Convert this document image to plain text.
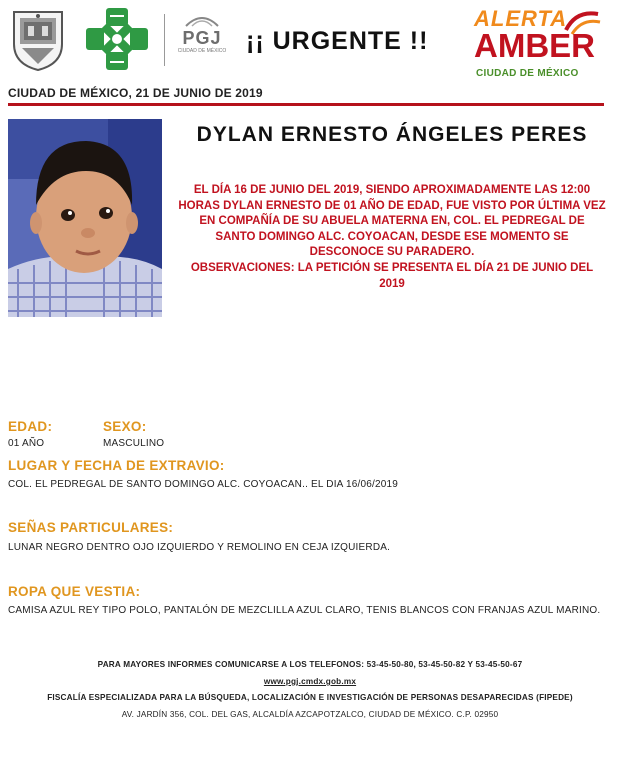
PGJ
CIUDAD DE MÉXICO ¡¡ URGENTE !!
ALERTA
AMBER
CIUDAD DE MÉXICO
CIUDAD DE MÉXICO, 21 DE JUNIO DE 2019
DYLAN ERNESTO ÁNGELES PERES

EL DÍA 16 DE JUNIO DEL 2019, SIENDO APROXIMADAMENTE LAS 12:00 HORAS DYLAN ERNESTO DE 01 AÑO DE EDAD, FUE VISTO POR ÚLTIMA VEZ EN COMPAÑÍA DE SU ABUELA MATERNA EN, COL. EL PEDREGAL DE SANTO DOMINGO ALC. COYOACAN, DESDE ESE MOMENTO SE DESCONOCE SU PARADERO.

OBSERVACIONES: LA PETICIÓN SE PRESENTA EL DÍA 21 DE JUNIO DEL 2019

EDAD:
01 AÑO
SEXO:
MASCULINO
LUGAR Y FECHA DE EXTRAVIO:
COL. EL PEDREGAL DE SANTO DOMINGO ALC. COYOACAN.. EL DIA 16/06/2019
SEÑAS PARTICULARES:
LUNAR NEGRO DENTRO OJO IZQUIERDO Y REMOLINO EN CEJA IZQUIERDA.
ROPA QUE VESTIA:
CAMISA AZUL REY TIPO POLO, PANTALÓN DE MEZCLILLA AZUL CLARO, TENIS BLANCOS CON FRANJAS AZUL MARINO.
PARA MAYORES INFORMES COMUNICARSE A LOS TELEFONOS: 53-45-50-80, 53-45-50-82 Y 53-45-50-67
www.pgj.cmdx.gob.mx
FISCALÍA ESPECIALIZADA PARA LA BÚSQUEDA, LOCALIZACIÓN E INVESTIGACIÓN DE PERSONAS DESAPARECIDAS (FIPEDE)
AV. JARDÍN 356, COL. DEL GAS, ALCALDÍA AZCAPOTZALCO, CIUDAD DE MÉXICO. C.P. 02950
